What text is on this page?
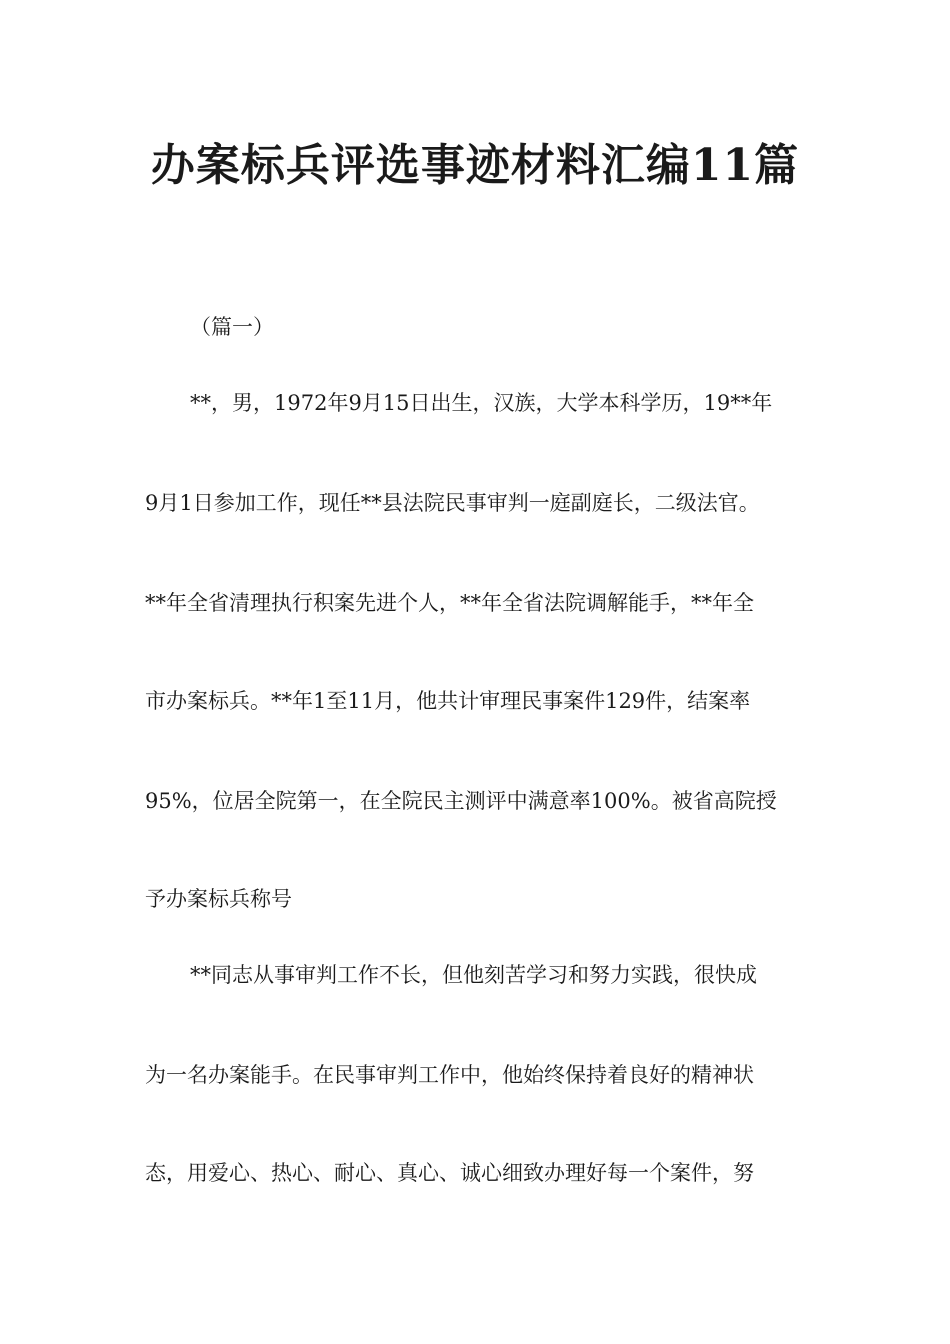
办案标兵评选事迹材料汇编11篇

（篇一）

**，男，1972年9月15日出生，汉族，大学本科学历，19**年

9月1日参加工作，现任**县法院民事审判一庭副庭长，二级法官。

**年全省清理执行积案先进个人，**年全省法院调解能手，**年全

市办案标兵。**年1至11月，他共计审理民事案件129件，结案率

95%，位居全院第一，在全院民主测评中满意率100%。被省高院授

予办案标兵称号

**同志从事审判工作不长，但他刻苦学习和努力实践，很快成

为一名办案能手。在民事审判工作中，他始终保持着良好的精神状

态，用爱心、热心、耐心、真心、诚心细致办理好每一个案件，努
